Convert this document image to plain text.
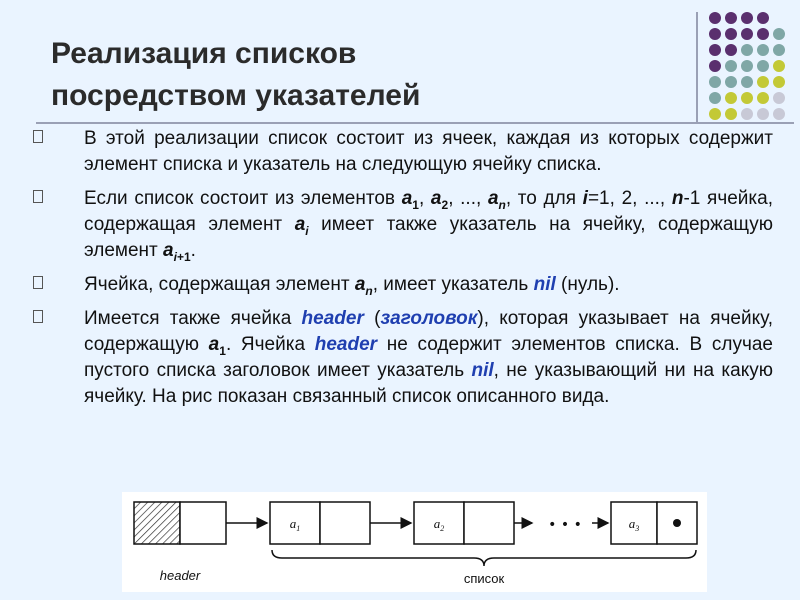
Реализация списков
посредством указателей
В этой реализации список состоит из ячеек, каждая из которых содержит элемент списка и указатель на следующую ячейку списка.
Если список состоит из элементов $a_1$, $a_2$, ..., $a_n$, то для i=1, 2, ..., n-1 ячейка, содержащая элемент $a_i$ имеет также указатель на ячейку, содержащую элемент $a_{i+1}$.
Ячейка, содержащая элемент $a_n$, имеет указатель nil (нуль).
Имеется также ячейка header (заголовок), которая указывает на ячейку, содержащую $a_1$. Ячейка header не содержит элементов списка. В случае пустого списка заголовок имеет указатель nil, не указывающий ни на какую ячейку. На рис показан связанный список описанного вида.
$a_1$	$a_2$	• • •	$a_3$
header	список
